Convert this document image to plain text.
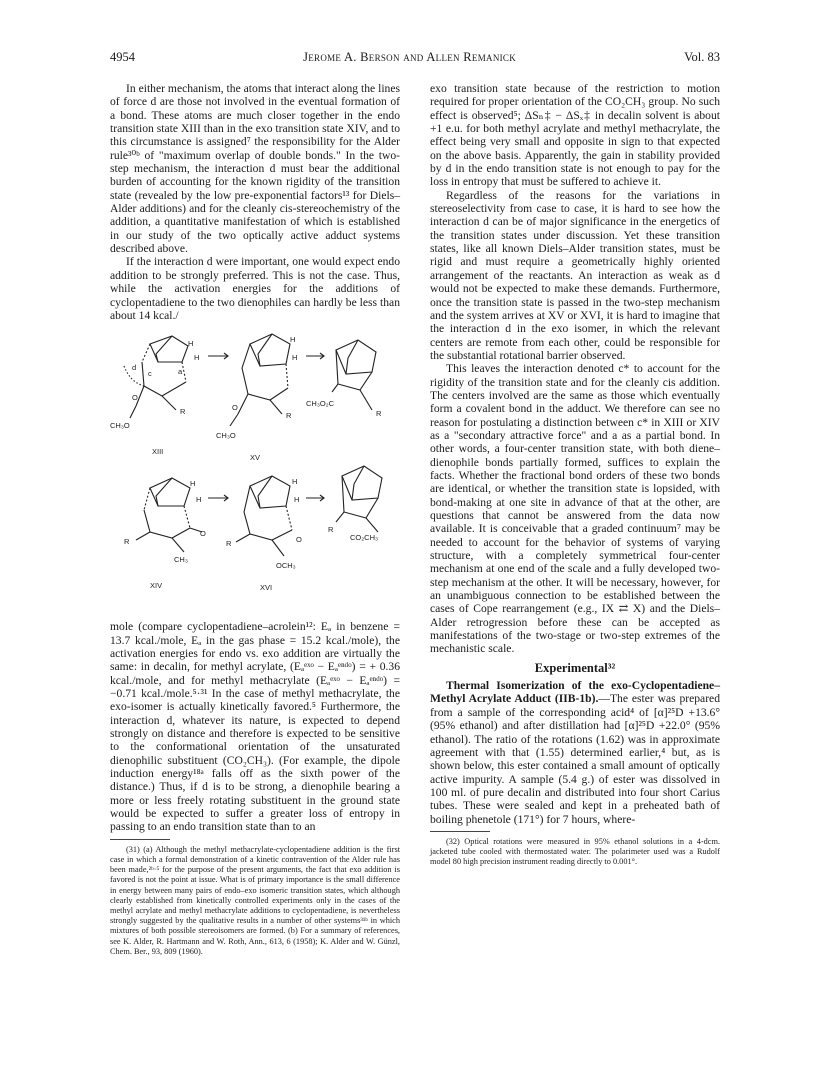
4954	Jerome A. Berson and Allen Remanick	Vol. 83

In either mechanism, the atoms that interact along the lines of force d are those not involved in the eventual formation of a bond. These atoms are much closer together in the endo transition state XIII than in the exo transition state XIV, and to this circumstance is assigned⁷ the responsibility for the Alder rule³⁰ᵇ of "maximum overlap of double bonds." In the two-step mechanism, the interaction d must bear the additional burden of accounting for the known rigidity of the transition state (revealed by the low pre-exponential factors¹³ for Diels–Alder additions) and for the cleanly cis-stereochemistry of the addition, a quantitative manifestation of which is established in our study of the two optically active adduct systems described above.

If the interaction d were important, one would expect endo addition to be strongly preferred. This is not the case. Thus, while the activation energies for the additions of cyclopentadiene to the two dienophiles can hardly be less than about 14 kcal./

H
H
d
c	a
O
R
CH₃O
H
H
O
R
CH₃O
CH₃O₂C
R
H
H
R
O
CH₃
H
H
R	O
OCH₃
R
CO₂CH₃
XIII
XV
XIV	XVI

mole (compare cyclopentadiene–acrolein¹²: Eₐ in benzene = 13.7 kcal./mole, Eₐ in the gas phase = 15.2 kcal./mole), the activation energies for endo vs. exo addition are virtually the same: in decalin, for methyl acrylate, (Eₐᵉˣᵒ − Eₐᵉⁿᵈᵒ) = + 0.36 kcal./mole, and for methyl methacrylate (Eₐᵉˣᵒ − Eₐᵉⁿᵈᵒ) = −0.71 kcal./mole.⁵·³¹ In the case of methyl methacrylate, the exo-isomer is actually kinetically favored.⁵ Furthermore, the interaction d, whatever its nature, is expected to depend strongly on distance and therefore is expected to be sensitive to the conformational orientation of the unsaturated dienophilic substituent (CO₂CH₃). (For example, the dipole induction energy¹⁸ᵃ falls off as the sixth power of the distance.) Thus, if d is to be strong, a dienophile bearing a more or less freely rotating substituent in the ground state would be expected to suffer a greater loss of entropy in passing to an endo transition state than to an

(31) (a) Although the methyl methacrylate-cyclopentadiene addition is the first case in which a formal demonstration of a kinetic contravention of the Alder rule has been made,²ᵇ·⁵ for the purpose of the present arguments, the fact that exo addition is favored is not the point at issue. What is of primary importance is the small difference in energy between many pairs of endo–exo isomeric transition states, which although clearly established from kinetically controlled experiments only in the cases of the methyl acrylate and methyl methacrylate additions to cyclopentadiene, is nevertheless strongly suggested by the qualitative results in a number of other systems³¹ᵇ in which mixtures of both possible stereoisomers are formed. (b) For a summary of references, see K. Alder, R. Hartmann and W. Roth, Ann., 613, 6 (1958); K. Alder and W. Günzl, Chem. Ber., 93, 809 (1960).

exo transition state because of the restriction to motion required for proper orientation of the CO₂CH₃ group. No such effect is observed⁵; ΔSₙ‡ − ΔSₓ‡ in decalin solvent is about +1 e.u. for both methyl acrylate and methyl methacrylate, the effect being very small and opposite in sign to that expected on the above basis. Apparently, the gain in stability provided by d in the endo transition state is not enough to pay for the loss in entropy that must be suffered to achieve it.

Regardless of the reasons for the variations in stereoselectivity from case to case, it is hard to see how the interaction d can be of major significance in the energetics of the transition states under discussion. Yet these transition states, like all known Diels–Alder transition states, must be rigid and must require a geometrically highly oriented arrangement of the reactants. An interaction as weak as d would not be expected to make these demands. Furthermore, once the transition state is passed in the two-step mechanism and the system arrives at XV or XVI, it is hard to imagine that the interaction d in the exo isomer, in which the relevant centers are remote from each other, could be responsible for the substantial rotational barrier observed.

This leaves the interaction denoted c* to account for the rigidity of the transition state and for the cleanly cis addition. The centers involved are the same as those which eventually form a covalent bond in the adduct. We therefore can see no reason for postulating a distinction between c* in XIII or XIV as a "secondary attractive force" and a as a partial bond. In other words, a four-center transition state, with both diene–dienophile bonds partially formed, suffices to explain the facts. Whether the fractional bond orders of these two bonds are identical, or whether the transition state is lopsided, with bond-making at one site in advance of that at the other, are questions that cannot be answered from the data now available. It is conceivable that a graded continuum⁷ may be needed to account for the behavior of systems of varying structure, with a completely symmetrical four-center mechanism at one end of the scale and a fully developed two-step mechanism at the other. It will be necessary, however, for an unambiguous connection to be established between the cases of Cope rearrangement (e.g., IX ⇄ X) and the Diels–Alder retrogression before these can be accepted as manifestations of the two-stage or two-step extremes of the mechanistic scale.

Experimental³²

Thermal Isomerization of the exo-Cyclopentadiene–Methyl Acrylate Adduct (IIB-1b).—The ester was prepared from a sample of the corresponding acid⁴ of [α]²⁵D +13.6° (95% ethanol) and after distillation had [α]²⁵D +22.0° (95% ethanol). The ratio of the rotations (1.62) was in approximate agreement with that (1.55) determined earlier,⁴ but, as is shown below, this ester contained a small amount of optically active impurity. A sample (5.4 g.) of ester was dissolved in 100 ml. of pure decalin and distributed into four short Carius tubes. These were sealed and kept in a preheated bath of boiling phenetole (171°) for 7 hours, where-

(32) Optical rotations were measured in 95% ethanol solutions in a 4-dcm. jacketed tube cooled with thermostated water. The polarimeter used was a Rudolf model 80 high precision instrument reading directly to 0.001°.
